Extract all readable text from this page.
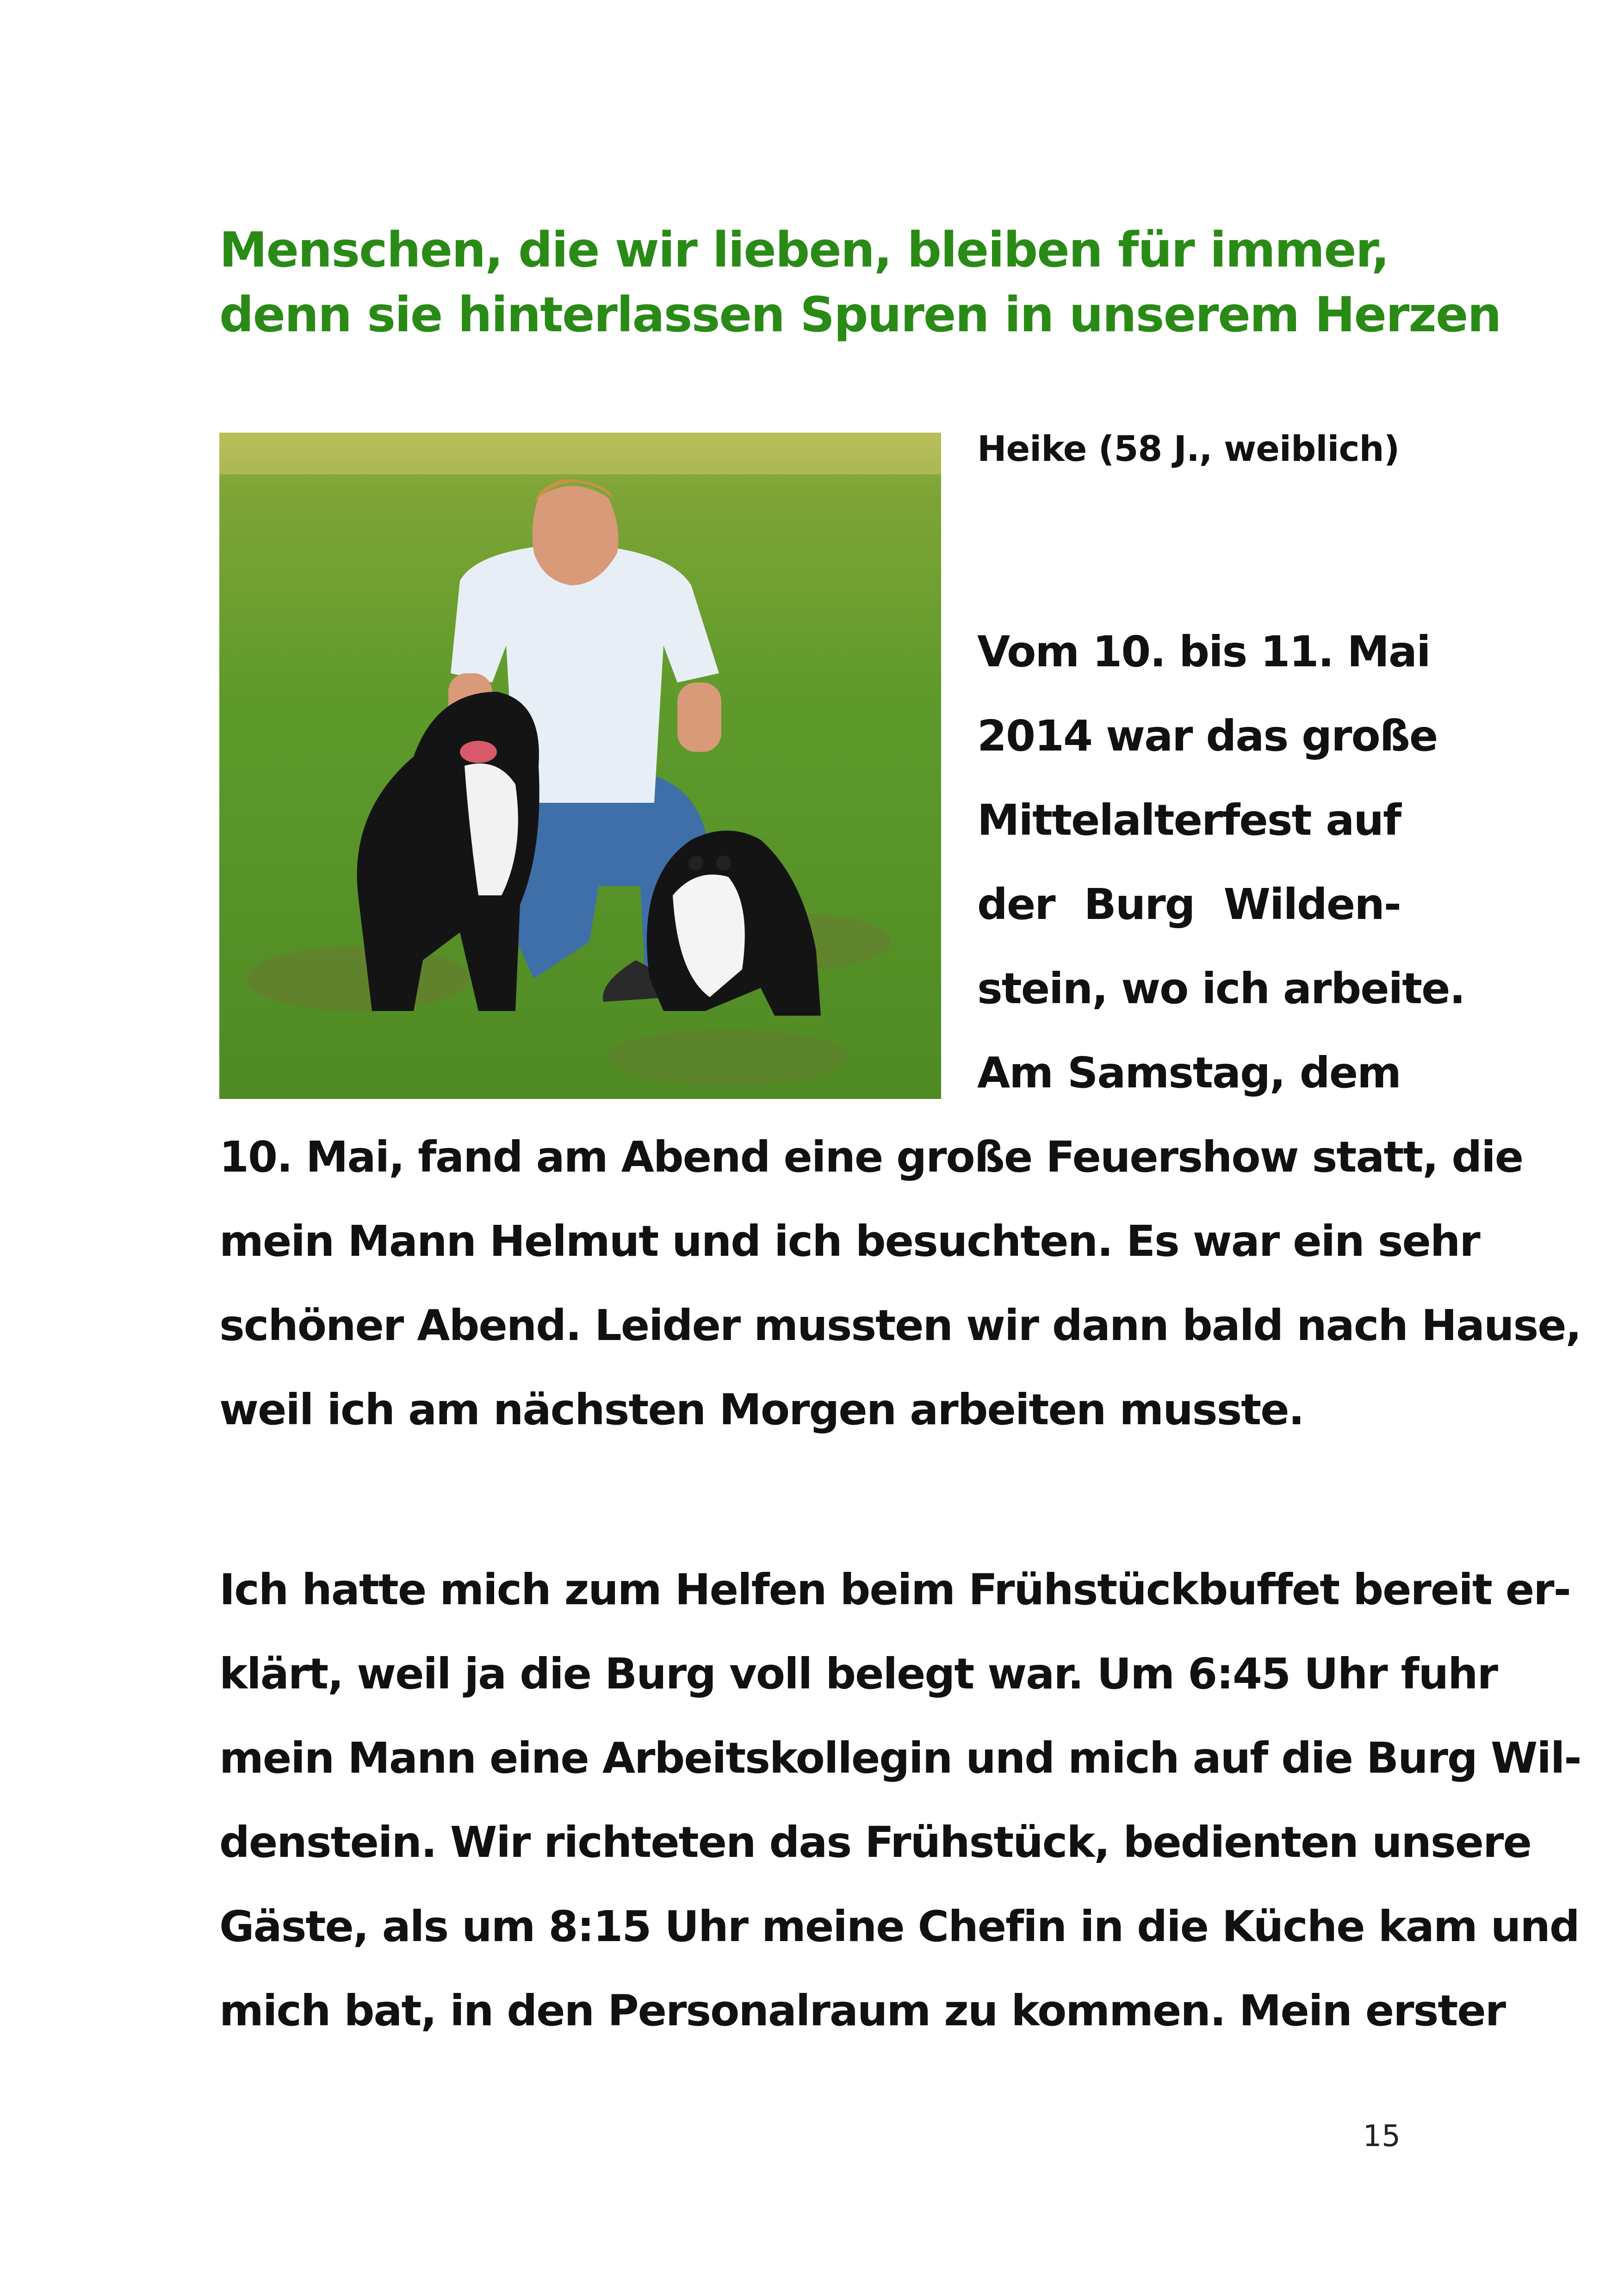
Menschen, die wir lieben, bleiben für immer,
denn sie hinterlassen Spuren in unserem Herzen

Heike (58 J., weiblich)

Vom 10. bis 11. Mai
2014 war das große
Mittelalterfest auf
der Burg Wilden-
stein, wo ich arbeite.
Am Samstag, dem
10. Mai, fand am Abend eine große Feuershow statt, die
mein Mann Helmut und ich besuchten. Es war ein sehr
schöner Abend. Leider mussten wir dann bald nach Hause,
weil ich am nächsten Morgen arbeiten musste.
Ich hatte mich zum Helfen beim Frühstückbuffet bereit er-
klärt, weil ja die Burg voll belegt war. Um 6:45 Uhr fuhr
mein Mann eine Arbeitskollegin und mich auf die Burg Wil-
denstein. Wir richteten das Frühstück, bedienten unsere
Gäste, als um 8:15 Uhr meine Chefin in die Küche kam und
mich bat, in den Personalraum zu kommen. Mein erster

15
